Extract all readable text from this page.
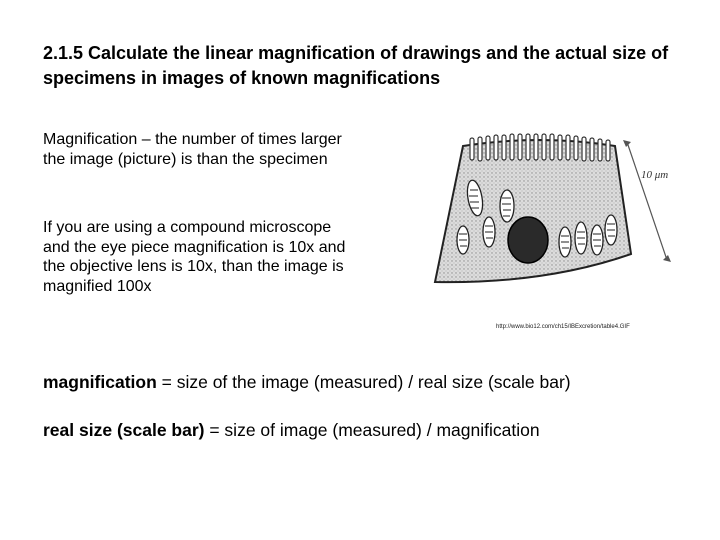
2.1.5 Calculate the linear magnification of drawings and the actual size of specimens in images of known magnifications

Magnification – the number of times larger the image (picture) is than the specimen

If you are using a compound microscope and the eye piece magnification is 10x and the objective lens is 10x, than the image is magnified 100x

10 μm
http://www.bio12.com/ch15/IBExcretion/table4.GIF

magnification = size of the image (measured) / real size (scale bar)

real size (scale bar) = size of image (measured) / magnification
